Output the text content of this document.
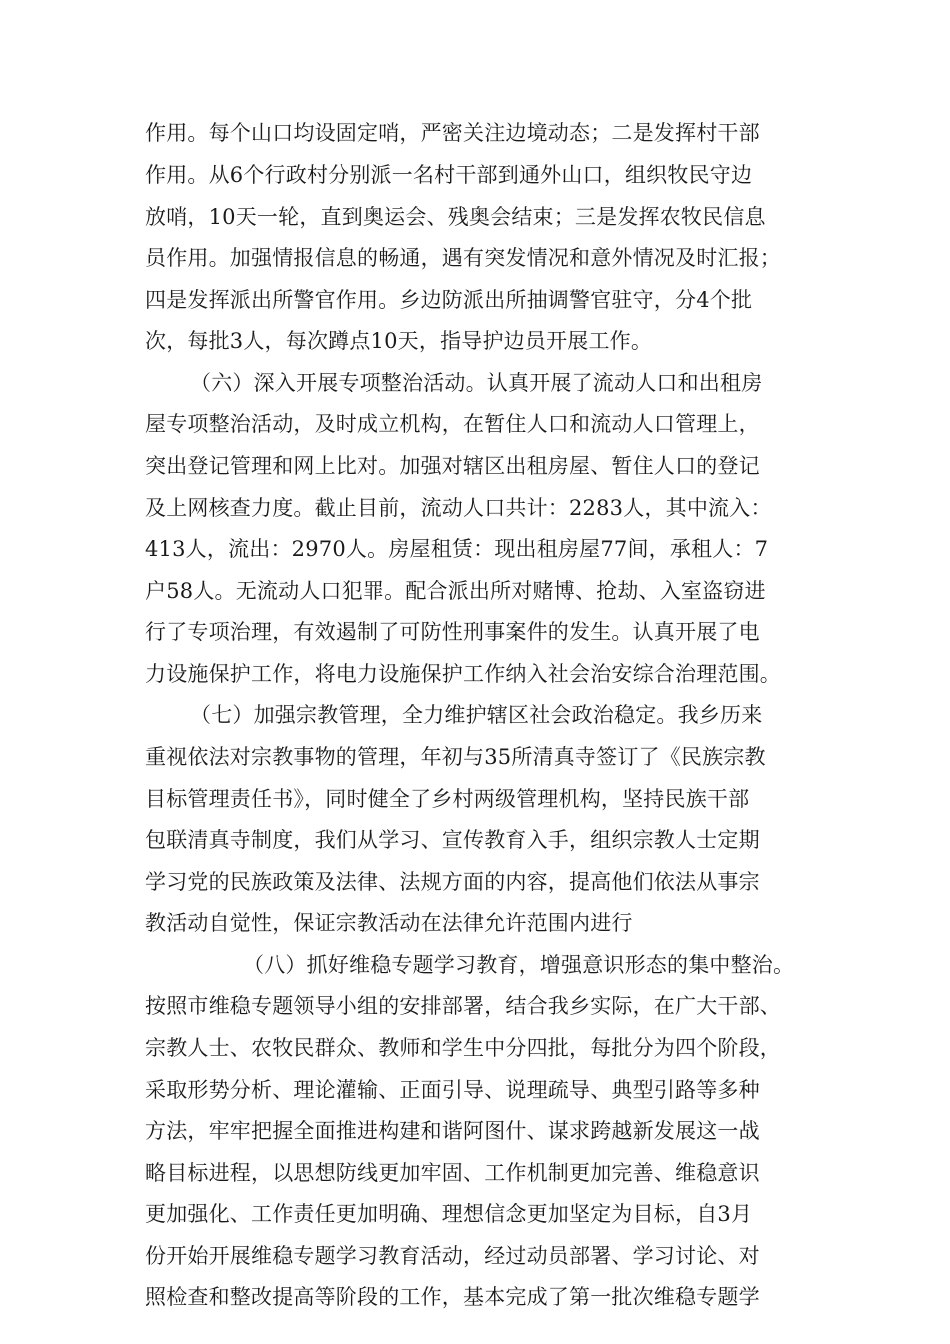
作用。每个山口均设固定哨，严密关注边境动态；二是发挥村干部
作用。从6个行政村分别派一名村干部到通外山口，组织牧民守边
放哨，10天一轮，直到奥运会、残奥会结束；三是发挥农牧民信息
员作用。加强情报信息的畅通，遇有突发情况和意外情况及时汇报；
四是发挥派出所警官作用。乡边防派出所抽调警官驻守，分4个批
次，每批3人，每次蹲点10天，指导护边员开展工作。
（六）深入开展专项整治活动。认真开展了流动人口和出租房
屋专项整治活动，及时成立机构，在暂住人口和流动人口管理上，
突出登记管理和网上比对。加强对辖区出租房屋、暂住人口的登记
及上网核查力度。截止目前，流动人口共计：2283人，其中流入：
413人，流出：2970人。房屋租赁：现出租房屋77间，承租人：7
户58人。无流动人口犯罪。配合派出所对赌博、抢劫、入室盗窃进
行了专项治理，有效遏制了可防性刑事案件的发生。认真开展了电
力设施保护工作，将电力设施保护工作纳入社会治安综合治理范围。
（七）加强宗教管理，全力维护辖区社会政治稳定。我乡历来
重视依法对宗教事物的管理，年初与35所清真寺签订了《民族宗教
目标管理责任书》，同时健全了乡村两级管理机构，坚持民族干部
包联清真寺制度，我们从学习、宣传教育入手，组织宗教人士定期
学习党的民族政策及法律、法规方面的内容，提高他们依法从事宗
教活动自觉性，保证宗教活动在法律允许范围内进行
（八）抓好维稳专题学习教育，增强意识形态的集中整治。
按照市维稳专题领导小组的安排部署，结合我乡实际，在广大干部、
宗教人士、农牧民群众、教师和学生中分四批，每批分为四个阶段，
采取形势分析、理论灌输、正面引导、说理疏导、典型引路等多种
方法，牢牢把握全面推进构建和谐阿图什、谋求跨越新发展这一战
略目标进程，以思想防线更加牢固、工作机制更加完善、维稳意识
更加强化、工作责任更加明确、理想信念更加坚定为目标，自3月
份开始开展维稳专题学习教育活动，经过动员部署、学习讨论、对
照检查和整改提高等阶段的工作，基本完成了第一批次维稳专题学
